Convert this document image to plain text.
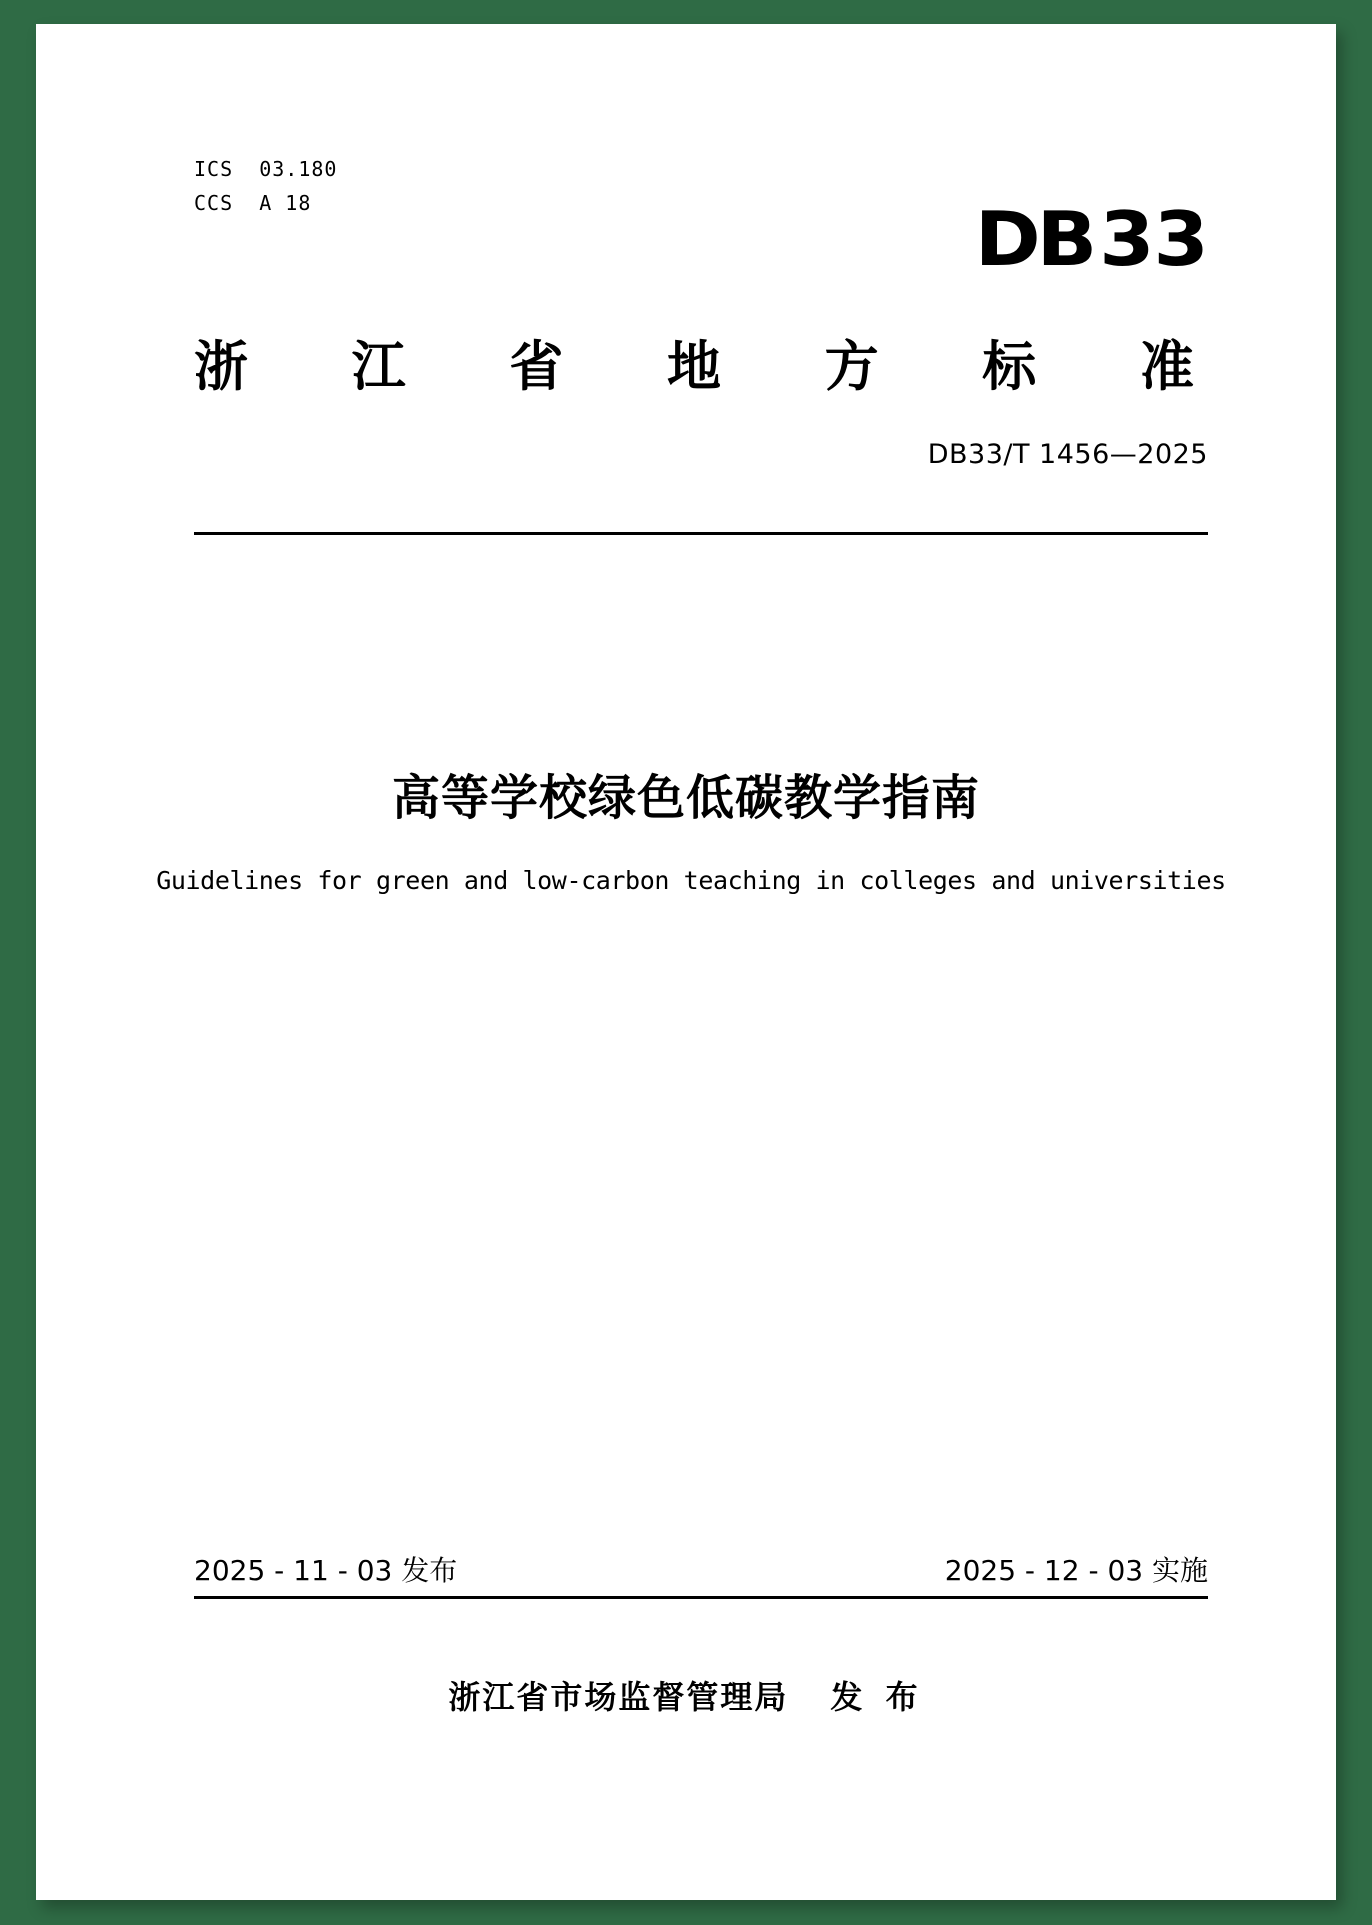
ICS  03.180
CCS  A 18	DB33
浙 江 省 地 方 标 准
DB33/T 1456—2025
高等学校绿色低碳教学指南
Guidelines for green and low-carbon teaching in colleges and universities
2025 - 11 - 03 发布	2025 - 12 - 03 实施
浙江省市场监督管理局 发 布
